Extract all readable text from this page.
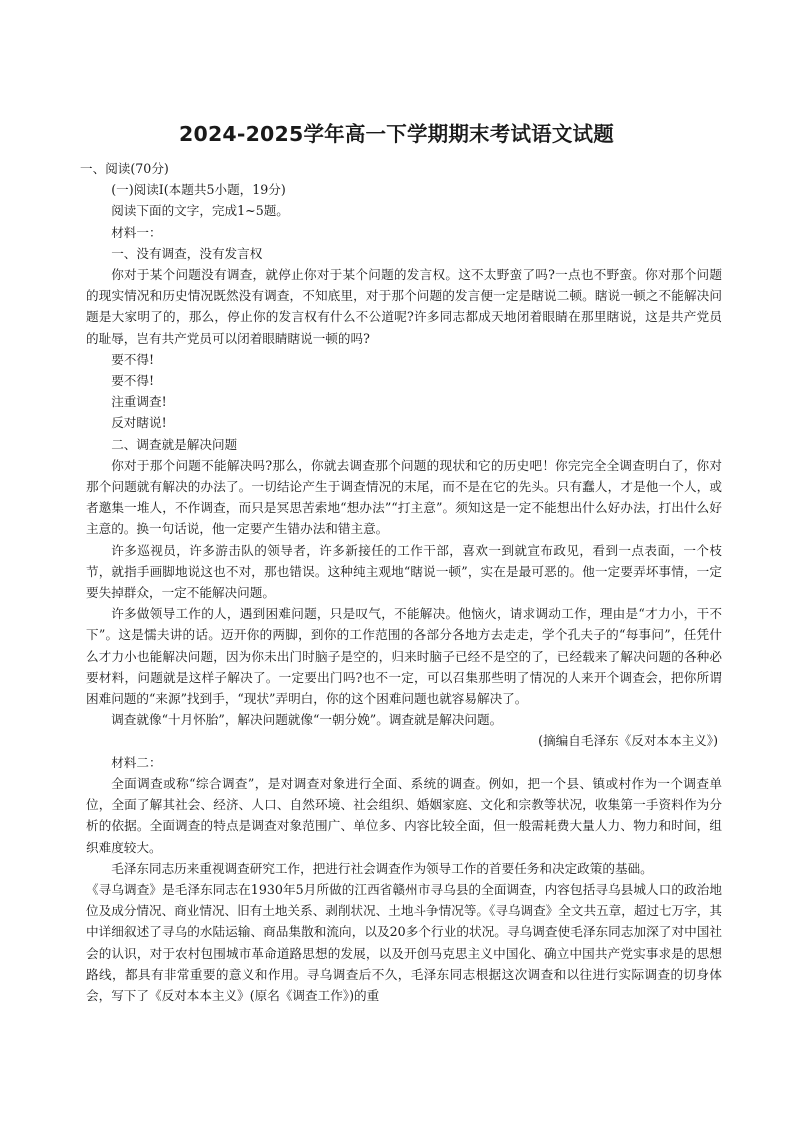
2024-2025学年高一下学期期末考试语文试题

一、阅读(70分)

(一)阅读Ⅰ(本题共5小题，19分)

阅读下面的文字，完成1~5题。

材料一：

一、没有调查，没有发言权

你对于某个问题没有调查，就停止你对于某个问题的发言权。这不太野蛮了吗?一点也不野蛮。你对那个问题的现实情况和历史情况既然没有调查，不知底里，对于那个问题的发言便一定是瞎说二顿。瞎说一顿之不能解决问题是大家明了的，那么，停止你的发言权有什么不公道呢?许多同志都成天地闭着眼睛在那里瞎说，这是共产党员的耻辱，岂有共产党员可以闭着眼睛瞎说一顿的吗?

要不得!

要不得!

注重调查!

反对瞎说!

二、调查就是解决问题

你对于那个问题不能解决吗?那么，你就去调查那个问题的现状和它的历史吧！你完完全全调查明白了，你对那个问题就有解决的办法了。一切结论产生于调查情况的末尾，而不是在它的先头。只有蠢人，才是他一个人，或者邀集一堆人，不作调查，而只是冥思苦索地“想办法”“打主意”。须知这是一定不能想出什么好办法，打出什么好主意的。换一句话说，他一定要产生错办法和错主意。

许多巡视员，许多游击队的领导者，许多新接任的工作干部，喜欢一到就宣布政见，看到一点表面，一个枝节，就指手画脚地说这也不对，那也错误。这种纯主观地“瞎说一顿”，实在是最可恶的。他一定要弄坏事情，一定要失掉群众，一定不能解决问题。

许多做领导工作的人，遇到困难问题，只是叹气，不能解决。他恼火，请求调动工作，理由是“才力小，干不下”。这是懦夫讲的话。迈开你的两脚，到你的工作范围的各部分各地方去走走，学个孔夫子的“每事问”，任凭什么才力小也能解决问题，因为你未出门时脑子是空的，归来时脑子已经不是空的了，已经载来了解决问题的各种必要材料，问题就是这样子解决了。一定要出门吗?也不一定，可以召集那些明了情况的人来开个调查会，把你所谓困难问题的“来源”找到手，“现状”弄明白，你的这个困难问题也就容易解决了。

调查就像“十月怀胎”，解决问题就像“一朝分娩”。调查就是解决问题。

(摘编自毛泽东《反对本本主义》)

材料二：

全面调查或称“综合调查”，是对调查对象进行全面、系统的调查。例如，把一个县、镇或村作为一个调查单位，全面了解其社会、经济、人口、自然环境、社会组织、婚姻家庭、文化和宗教等状况，收集第一手资料作为分析的依据。全面调查的特点是调查对象范围广、单位多、内容比较全面，但一般需耗费大量人力、物力和时间，组织难度较大。

毛泽东同志历来重视调查研究工作，把进行社会调查作为领导工作的首要任务和决定政策的基础。

《寻乌调查》是毛泽东同志在1930年5月所做的江西省赣州市寻乌县的全面调查，内容包括寻乌县城人口的政治地位及成分情况、商业情况、旧有土地关系、剥削状况、土地斗争情况等。《寻乌调查》全文共五章，超过七万字，其中详细叙述了寻乌的水陆运输、商品集散和流向，以及20多个行业的状况。寻乌调查使毛泽东同志加深了对中国社会的认识，对于农村包围城市革命道路思想的发展，以及开创马克思主义中国化、确立中国共产党实事求是的思想路线，都具有非常重要的意义和作用。寻乌调查后不久，毛泽东同志根据这次调查和以往进行实际调查的切身体会，写下了《反对本本主义》(原名《调查工作》)的重
